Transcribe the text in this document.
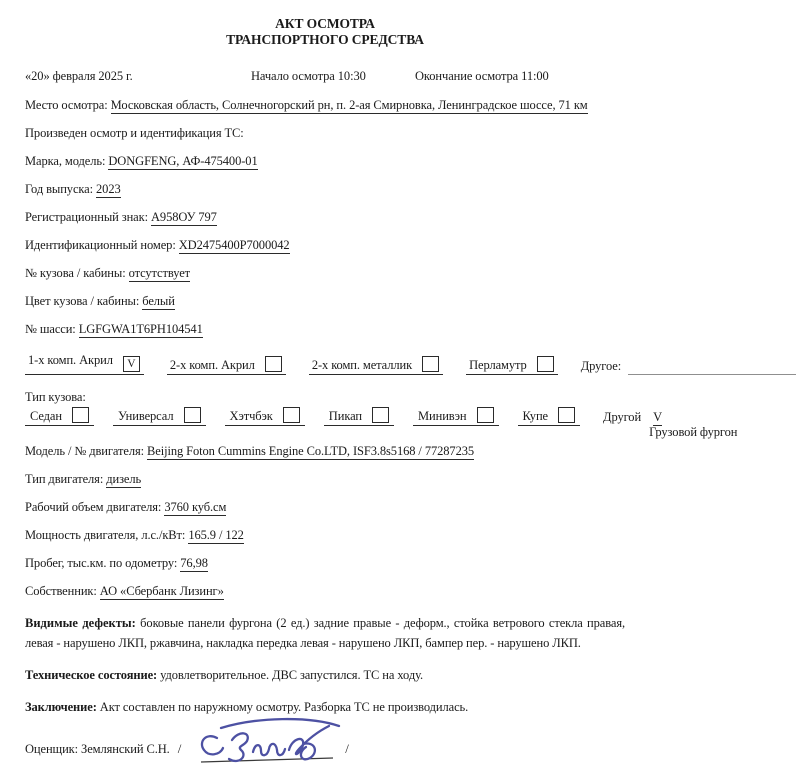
АКТ ОСМОТРА
ТРАНСПОРТНОГО СРЕДСТВА
«20» февраля 2025 г.	Начало осмотра 10:30	Окончание осмотра 11:00
Место осмотра: Московская область, Солнечногорский рн, п. 2-ая Смирновка, Ленинградское шоссе, 71 км
Произведен осмотр и идентификация ТС:
Марка, модель: DONGFENG, АФ-475400-01
Год выпуска: 2023
Регистрационный знак: А958ОУ 797
Идентификационный номер: XD2475400P7000042
№ кузова / кабины: отсутствует
Цвет кузова / кабины: белый
№ шасси: LGFGWA1T6PH104541
1-х комп. Акрил V	2-х комп. Акрил	2-х комп. металлик	Перламутр	Другое:
Тип кузова:
Седан	Универсал	Хэтчбэк	Пикап	Минивэн	Купе	Другой V
Грузовой фургон
Модель / № двигателя: Beijing Foton Cummins Engine Co.LTD, ISF3.8s5168 / 77287235
Тип двигателя: дизель
Рабочий объем двигателя: 3760 куб.см
Мощность двигателя, л.с./кВт: 165.9 / 122
Пробег, тыс.км. по одометру: 76,98
Собственник: АО «Сбербанк Лизинг»
Видимые дефекты: боковые панели фургона (2 ед.) задние правые - деформ., стойка ветрового стекла правая, левая - нарушено ЛКП, ржавчина, накладка передка левая - нарушено ЛКП, бампер пер. - нарушено ЛКП.
Техническое состояние: удовлетворительное. ДВС запустился. ТС на ходу.
Заключение: Акт составлен по наружному осмотру. Разборка ТС не производилась.
Оценщик: Землянский С.Н. /	/
